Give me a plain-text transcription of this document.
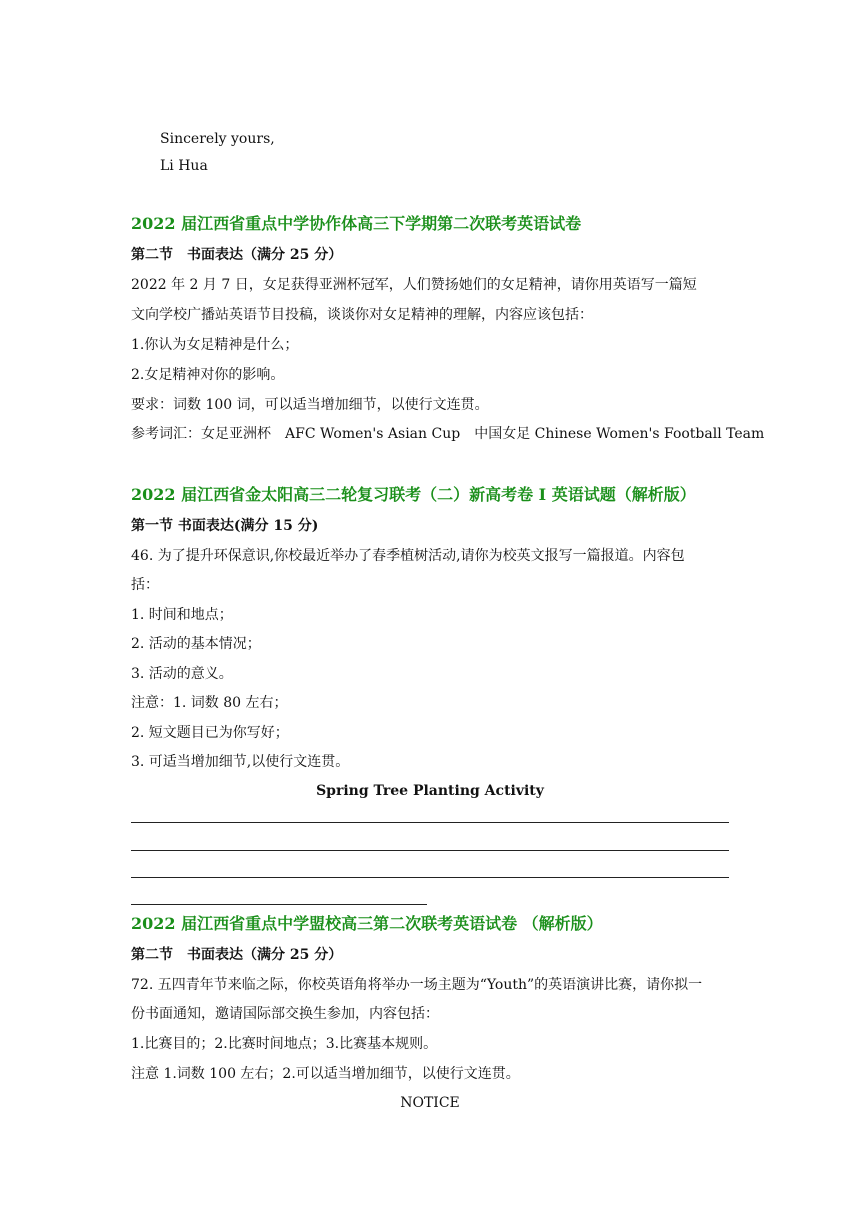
Sincerely yours,
Li Hua
2022 届江西省重点中学协作体高三下学期第二次联考英语试卷
第二节　书面表达（满分 25 分）
2022 年 2 月 7 日，女足获得亚洲杯冠军，人们赞扬她们的女足精神，请你用英语写一篇短
文向学校广播站英语节目投稿，谈谈你对女足精神的理解，内容应该包括：
1.你认为女足精神是什么；
2.女足精神对你的影响。
要求：词数 100 词，可以适当增加细节，以使行文连贯。
参考词汇：女足亚洲杯　AFC Women's Asian Cup　中国女足 Chinese Women's Football Team
2022 届江西省金太阳高三二轮复习联考（二）新高考卷 I 英语试题（解析版）
第一节 书面表达(满分 15 分)
46. 为了提升环保意识,你校最近举办了春季植树活动,请你为校英文报写一篇报道。内容包
括：
1. 时间和地点；
2. 活动的基本情况；
3. 活动的意义。
注意：1. 词数 80 左右；
2. 短文题目已为你写好；
3. 可适当增加细节,以使行文连贯。
Spring Tree Planting Activity
2022 届江西省重点中学盟校高三第二次联考英语试卷 （解析版）
第二节　书面表达（满分 25 分）
72. 五四青年节来临之际，你校英语角将举办一场主题为“Youth”的英语演讲比赛，请你拟一
份书面通知，邀请国际部交换生参加，内容包括：
1.比赛目的；2.比赛时间地点；3.比赛基本规则。
注意 1.词数 100 左右；2.可以适当增加细节，以使行文连贯。
NOTICE
